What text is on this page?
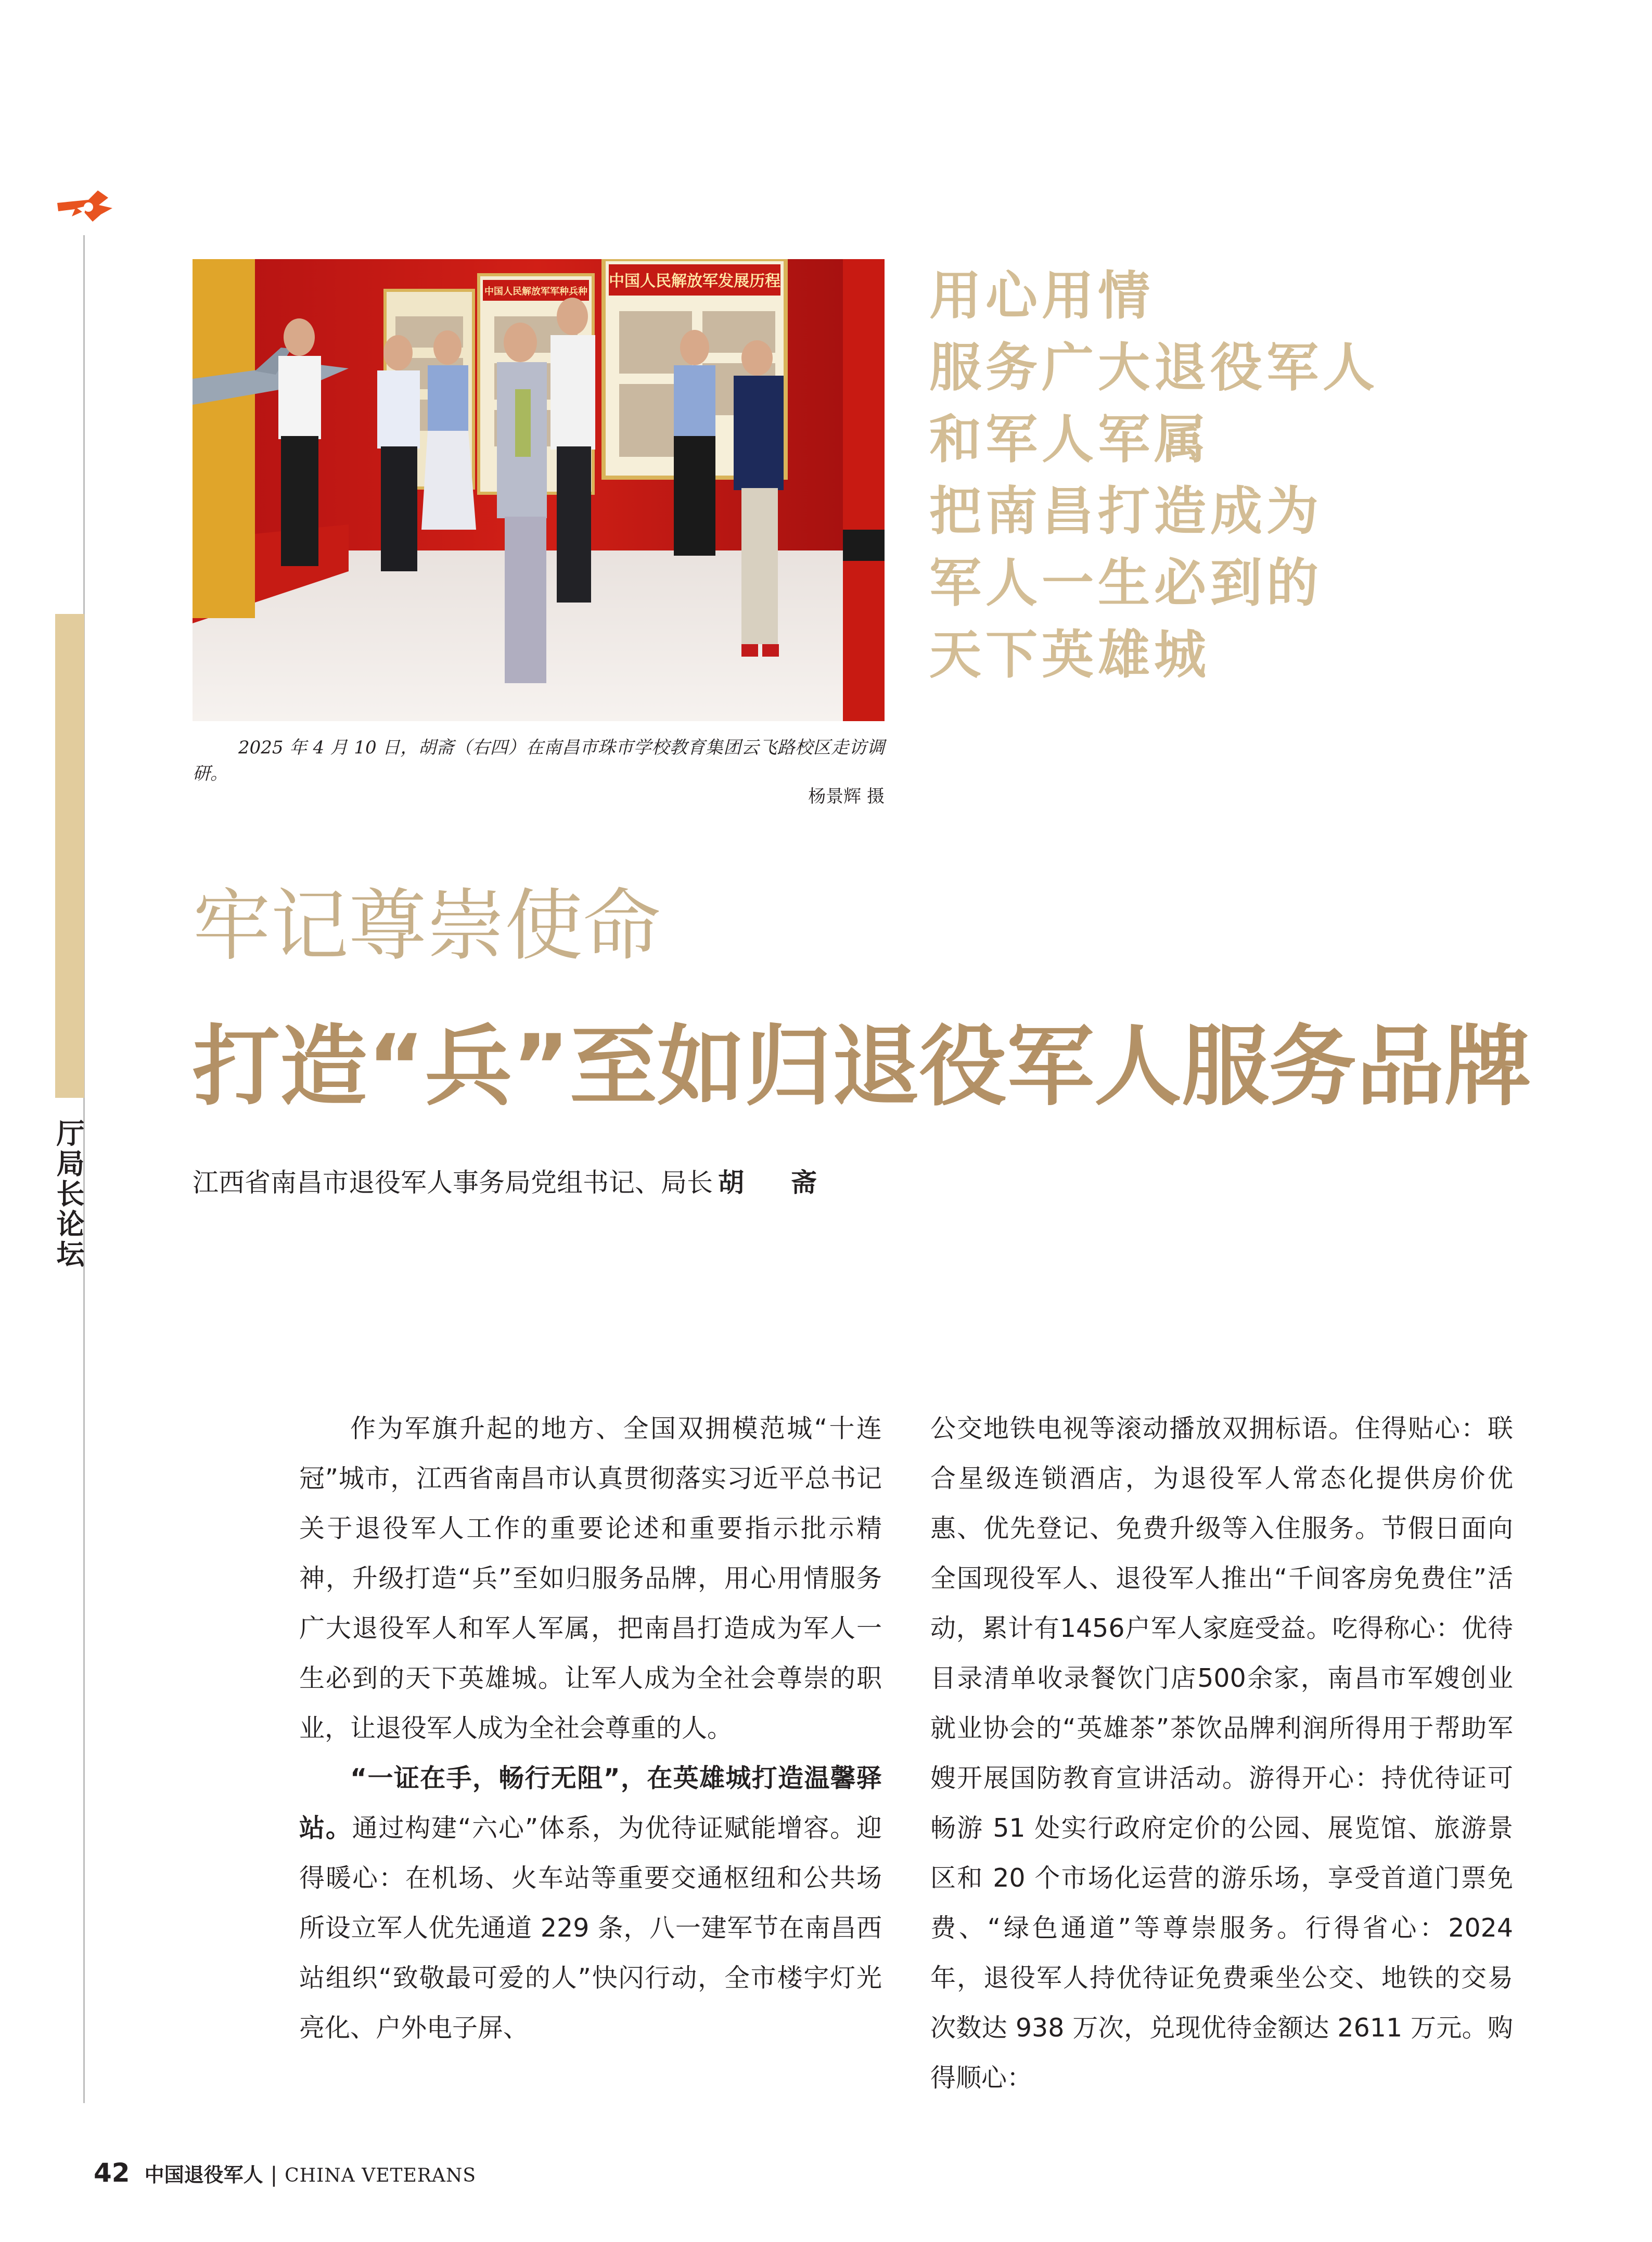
厅局长论坛
中国人民解放军发展历程
中国人民解放军军种兵种
2025 年 4 月 10 日，胡斋（右四）在南昌市珠市学校教育集团云飞路校区走访调研。
杨景辉 摄
用心用情
服务广大退役军人
和军人军属
把南昌打造成为
军人一生必到的
天下英雄城
牢记尊崇使命
打造“兵”至如归退役军人服务品牌
江西省南昌市退役军人事务局党组书记、局长 胡　斋

作为军旗升起的地方、全国双拥模范城“十连冠”城市，江西省南昌市认真贯彻落实习近平总书记关于退役军人工作的重要论述和重要指示批示精神，升级打造“兵”至如归服务品牌，用心用情服务广大退役军人和军人军属，把南昌打造成为军人一生必到的天下英雄城。让军人成为全社会尊崇的职业，让退役军人成为全社会尊重的人。

“一证在手，畅行无阻”，在英雄城打造温馨驿站。通过构建“六心”体系，为优待证赋能增容。迎得暖心：在机场、火车站等重要交通枢纽和公共场所设立军人优先通道 229 条，八一建军节在南昌西站组织“致敬最可爱的人”快闪行动，全市楼宇灯光亮化、户外电子屏、

公交地铁电视等滚动播放双拥标语。住得贴心：联合星级连锁酒店，为退役军人常态化提供房价优惠、优先登记、免费升级等入住服务。节假日面向全国现役军人、退役军人推出“千间客房免费住”活动，累计有1456户军人家庭受益。吃得称心：优待目录清单收录餐饮门店500余家，南昌市军嫂创业就业协会的“英雄茶”茶饮品牌利润所得用于帮助军嫂开展国防教育宣讲活动。游得开心：持优待证可畅游 51 处实行政府定价的公园、展览馆、旅游景区和 20 个市场化运营的游乐场，享受首道门票免费、“绿色通道”等尊崇服务。行得省心：2024 年，退役军人持优待证免费乘坐公交、地铁的交易次数达 938 万次，兑现优待金额达 2611 万元。购得顺心：

42 中国退役军人 | CHINA VETERANS
